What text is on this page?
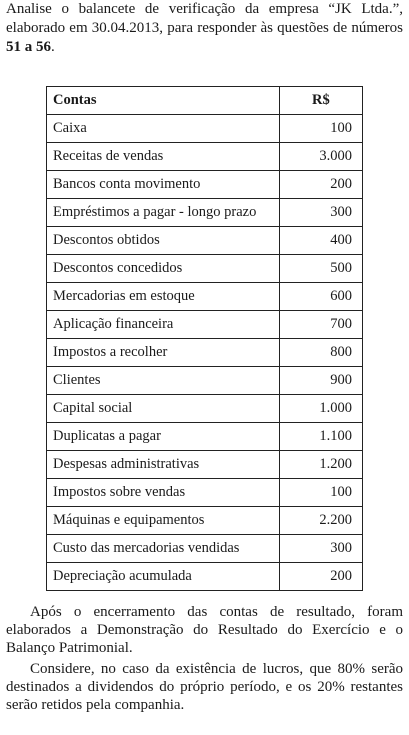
Analise o balancete de verificação da empresa “JK Ltda.”, elaborado em 30.04.2013, para responder às questões de números 51 a 56.

Contas	R$
Caixa	100
Receitas de vendas	3.000
Bancos conta movimento	200
Empréstimos a pagar - longo prazo	300
Descontos obtidos	400
Descontos concedidos	500
Mercadorias em estoque	600
Aplicação financeira	700
Impostos a recolher	800
Clientes	900
Capital social	1.000
Duplicatas a pagar	1.100
Despesas administrativas	1.200
Impostos sobre vendas	100
Máquinas e equipamentos	2.200
Custo das mercadorias vendidas	300
Depreciação acumulada	200

Após o encerramento das contas de resultado, foram elaborados a Demonstração do Resultado do Exercício e o Balanço Patrimonial.

Considere, no caso da existência de lucros, que 80% serão destinados a dividendos do próprio período, e os 20% restantes serão retidos pela companhia.
